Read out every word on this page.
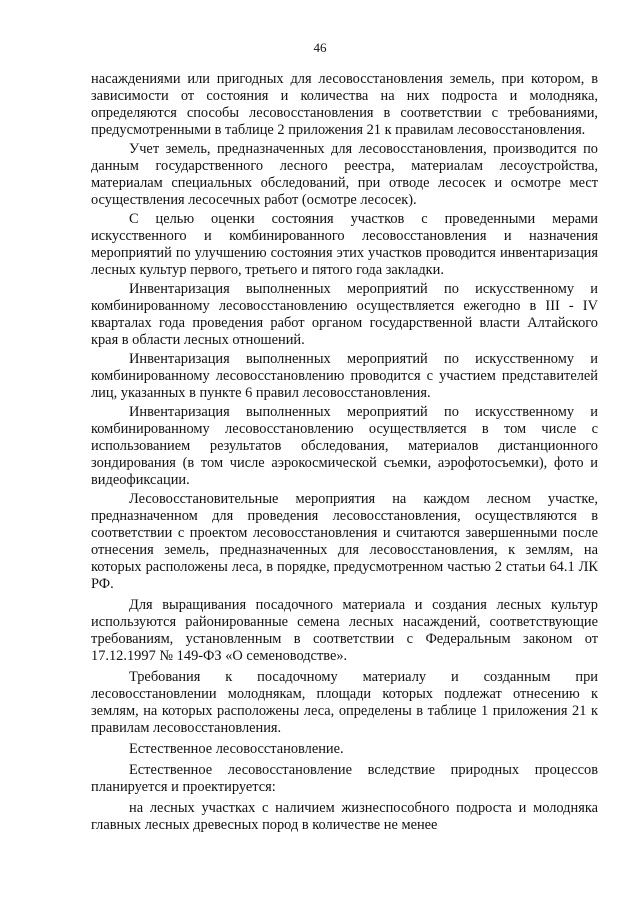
46

насаждениями или пригодных для лесовосстановления земель, при котором, в зависимости от состояния и количества на них подроста и молодняка, определяются способы лесовосстановления в соответствии с требованиями, предусмотренными в таблице 2 приложения 21 к правилам лесовосстановления.

Учет земель, предназначенных для лесовосстановления, производится по данным государственного лесного реестра, материалам лесоустройства, материалам специальных обследований, при отводе лесосек и осмотре мест осуществления лесосечных работ (осмотре лесосек).

С целью оценки состояния участков с проведенными мерами искусственного и комбинированного лесовосстановления и назначения мероприятий по улучшению состояния этих участков проводится инвентаризация лесных культур первого, третьего и пятого года закладки.

Инвентаризация выполненных мероприятий по искусственному и комбинированному лесовосстановлению осуществляется ежегодно в III - IV кварталах года проведения работ органом государственной власти Алтайского края в области лесных отношений.

Инвентаризация выполненных мероприятий по искусственному и комбинированному лесовосстановлению проводится с участием представителей лиц, указанных в пункте 6 правил лесовосстановления.

Инвентаризация выполненных мероприятий по искусственному и комбинированному лесовосстановлению осуществляется в том числе с использованием результатов обследования, материалов дистанционного зондирования (в том числе аэрокосмической съемки, аэрофотосъемки), фото и видеофиксации.

Лесовосстановительные мероприятия на каждом лесном участке, предназначенном для проведения лесовосстановления, осуществляются в соответствии с проектом лесовосстановления и считаются завершенными после отнесения земель, предназначенных для лесовосстановления, к землям, на которых расположены леса, в порядке, предусмотренном частью 2 статьи 64.1 ЛК РФ.

Для выращивания посадочного материала и создания лесных культур используются районированные семена лесных насаждений, соответствующие требованиям, установленным в соответствии с Федеральным законом от 17.12.1997 № 149-ФЗ «О семеноводстве».

Требования к посадочному материалу и созданным при лесовосстановлении молоднякам, площади которых подлежат отнесению к землям, на которых расположены леса, определены в таблице 1 приложения 21 к правилам лесовосстановления.

Естественное лесовосстановление.

Естественное лесовосстановление вследствие природных процессов планируется и проектируется:

на лесных участках с наличием жизнеспособного подроста и молодняка главных лесных древесных пород в количестве не менее
